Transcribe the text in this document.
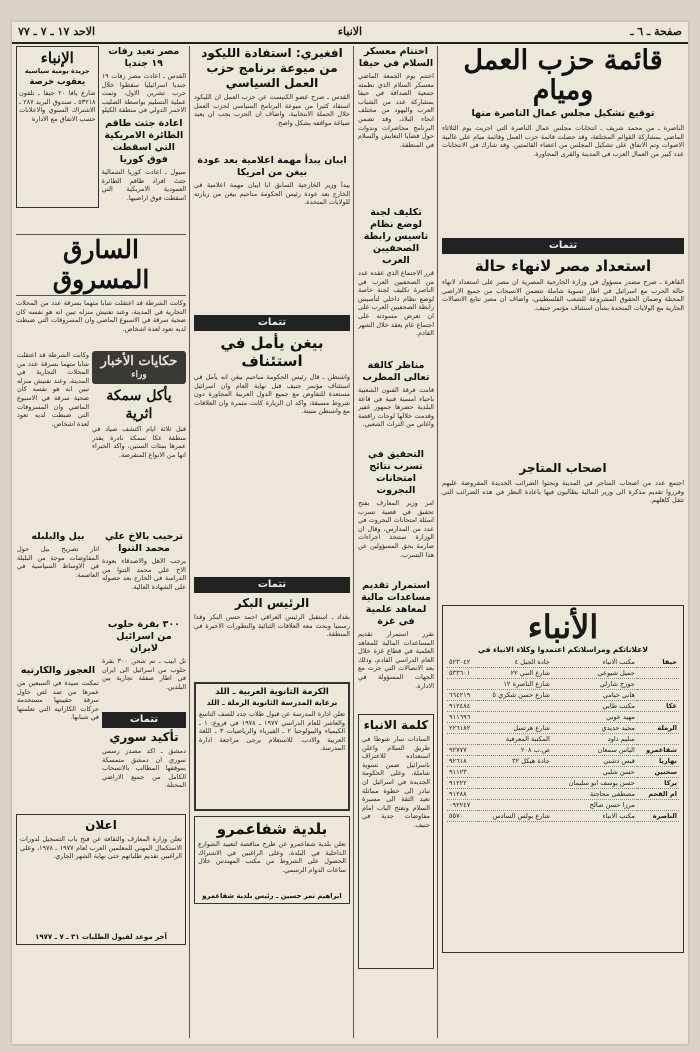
صفحة ـ ٦ ـ
الانباء
الاحد ١٧ ـ ٧ ـ ٧٧
قائمة حزب العمل وميام
توقيع تشكيل مجلس عمال الناصرة منها
الناصرة ـ من محمد شريف ـ انتخابات مجلس عمال الناصرة التي اجريت يوم الثلاثاء الماضي بمشاركة القوائم المختلفة، وقد حصلت قائمة حزب العمل وقائمة ميام على غالبية الاصوات وتم الاتفاق على تشكيل المجلس من اعضاء القائمتين. وقد شارك في الانتخابات عدد كبير من العمال العرب في المدينة والقرى المجاورة.
تتمات
استعداد مصر لانهاء حالة
القاهرة ـ صرح مصدر مسؤول في وزارة الخارجية المصرية ان مصر على استعداد لانهاء حالة الحرب مع اسرائيل في اطار تسوية شاملة تتضمن الانسحاب من جميع الاراضي المحتلة وضمان الحقوق المشروعة للشعب الفلسطيني، واضاف ان مصر تتابع الاتصالات الجارية مع الولايات المتحدة بشأن استئناف مؤتمر جنيف.
اصحاب المتاجر
اجتمع عدد من اصحاب المتاجر في المدينة وبحثوا الضرائب الجديدة المفروضة عليهم وقرروا تقديم مذكرة الى وزير المالية يطالبون فيها باعادة النظر في هذه الضرائب التي تثقل كاهلهم.
الأنباء
لاعلاناتكم ومراسلاتكم اعتمدوا وكلاء الانباء في
حيفا	مكتب الانباء	جادة الجبل ٤	٥٢٣٠٤٢
	جميل شيوعي	شارع النبي ٢٢	٥٣٣٦٠١
	جورج شارلي	شارع الناصرة ١٢	
	هاني خيامي	شارع حسن شكري ٥	٦٦٤٢١٩
عكا	مكتب طابي		٩١٢٤٨٤
	مهيد عوني		٩١١٦٩٦
الرملة	مجيد حديدي	شارع هرتسل	٢٢٦١٨٢
	سليم داود	المكتبة المعرفية	
شفاعمرو	الياس سمعان	ص.ب ٢٠٨	٩٢٧٧٧
نهاريا	قيس دشتي	جادة هيكل ٣٢	٩٢٦١٨
سخنين	حسن شلبي		٩١١٢٣
بركا	حسن يوسف ابو سليمان		٩١٢٢٢
ام الفحم	مصطفى محاجنة		٩١٢٨٨
	مرزا حسن صالح		٠٩٢٢٤٧
الناصرة	مكتب الانباء	شارع بولس السادس	٥٥٧٠
اختتام معسكر السلام في حيفا
اختتم يوم الجمعة الماضي معسكر السلام الذي نظمته جمعية الصداقة في حيفا بمشاركة عدد من الشباب العرب واليهود من مختلف انحاء البلاد، وقد تضمن البرنامج محاضرات وندوات حول قضايا التعايش والسلام في المنطقة.
تكليف لجنة لوضع نظام تاسيس رابطة الصحفيين العرب
قرر الاجتماع الذي عقده عدد من الصحفيين العرب في الناصرة تكليف لجنة خاصة لوضع نظام داخلي لتأسيس رابطة الصحفيين العرب على ان تعرض مسودته على اجتماع عام يعقد خلال الشهر القادم.
مناظر كالفة تعالى المطرب
قامت فرقة الفنون الشعبية باحياء امسية فنية في قاعة البلدية حضرها جمهور غفير وقدمت خلالها لوحات راقصة واغاني من التراث الشعبي.
التحقيق في تسرب نتائج امتحانات البجروت
امر وزير المعارف بفتح تحقيق في قضية تسرب اسئلة امتحانات البجروت في عدد من المدارس، وقال ان الوزارة ستتخذ اجراءات صارمة بحق المسؤولين عن هذا التسرب.
استمرار تقديم مساعدات مالية لمعاهد علمية في غزة
تقرر استمرار تقديم المساعدات المالية للمعاهد العلمية في قطاع غزة خلال العام الدراسي القادم، وذلك بعد الاتصالات التي جرت مع الجهات المسؤولة في الادارة.
كلمة الانباء
السادات سار شوطا في طريق السلام واعلن استعداده للاعتراف باسرائيل ضمن تسوية شاملة، وعلى الحكومة الجديدة في اسرائيل ان تبادر الى خطوة مماثلة تعيد الثقة الى مسيرة السلام وتفتح الباب امام مفاوضات جدية في جنيف.
افغيري: استفادة الليكود من ميوعة برنامج حزب العمل السياسي
القدس ـ صرح عضو الكنيست عن حزب العمل ان الليكود استفاد كثيرا من ميوعة البرنامج السياسي لحزب العمل خلال الحملة الانتخابية، واضاف ان الحزب يجب ان يعيد صياغة مواقفه بشكل واضح.
ايبان يبدأ مهمة اعلامية بعد عودة بيغن من امريكا
يبدأ وزير الخارجية السابق ابا ايبان مهمة اعلامية في الخارج بعد عودة رئيس الحكومة مناحيم بيغن من زيارته للولايات المتحدة.
تتمات
بيغن يأمل في استئناف
واشنطن ـ قال رئيس الحكومة مناحيم بيغن انه يأمل في استئناف مؤتمر جنيف قبل نهاية العام وان اسرائيل مستعدة للتفاوض مع جميع الدول العربية المجاورة دون شروط مسبقة، واكد ان الزيارة كانت مثمرة وان العلاقات مع واشنطن متينة.
تتمات
الرئيس البكر
بغداد ـ استقبل الرئيس العراقي احمد حسن البكر وفدا رسميا وبحث معه العلاقات الثنائية والتطورات الاخيرة في المنطقة.
الكرمة الثانوية العربية ـ اللد
برعاية المدرسة الثانوية الرملة ـ اللد
تعلن ادارة المدرسة عن قبول طلاب جدد للصف التاسع والعاشر للعام الدراسي ١٩٧٧ ـ ١٩٧٨ في فروع: ١ ـ الكيمياء والبيولوجيا ٢ ـ الفيزياء والرياضيات ٣ ـ اللغة العربية والادب. للاستعلام يرجى مراجعة ادارة المدرسة.
بلدية شفاعمرو
تعلن بلدية شفاعمرو عن طرح مناقصة لتعبيد الشوارع الداخلية في البلدة، وعلى الراغبين في الاشتراك الحصول على الشروط من مكتب المهندس خلال ساعات الدوام الرسمي.
ابراهيم نمر حسين ـ رئيس بلدية شفاعمرو
مصر تعيد رفات ١٩ جنديا
القدس ـ اعادت مصر رفات ١٩ جنديا اسرائيليا سقطوا خلال حرب تشرين الاول، وتمت عملية التسليم بواسطة الصليب الاحمر الدولي في منطقة الكيلو
اعادة جثث طاقم الطائرة الامريكية التي اسقطت فوق كوريا
سيول ـ اعادت كوريا الشمالية جثث افراد طاقم الطائرة العمودية الامريكية التي اسقطت فوق اراضيها.
الإنباء
جريدة يومية سياسية
يعقوب خرصة
شارع يافا ٢٠ حيفا ـ تلفون ٥٣٢١٨ ـ صندوق البريد ٢٨٧ ـ الاشتراك السنوي والاعلانات حسب الاتفاق مع الادارة
السارق المسروق
وكانت الشرطة قد اعتقلت شابا متهما بسرقة عدد من المحلات التجارية في المدينة، وعند تفتيش منزله تبين انه هو نفسه كان ضحية سرقة في الاسبوع الماضي وان المسروقات التي ضبطت لديه تعود لعدة اشخاص.
حكايات الأخبار
وراء
يأكل سمكة اثرية
قبل ثلاثة ايام اكتشف صياد في منطقة عكا سمكة نادرة يقدر عمرها بمئات السنين، واكد الخبراء انها من الانواع المنقرضة.
وكانت الشرطة قد اعتقلت شابا متهما بسرقة عدد من المحلات التجارية في المدينة، وعند تفتيش منزله تبين انه هو نفسه كان ضحية سرقة في الاسبوع الماضي وان المسروقات التي ضبطت لديه تعود لعدة اشخاص.
ترحيب بالاخ علي محمد التنوا
يرحب الاهل والاصدقاء بعودة الاخ علي محمد التنوا من الدراسة في الخارج بعد حصوله على الشهادة العالية.
٣٠٠ بقرة حلوب من اسرائيل لايران
تل ابيب ـ تم شحن ٣٠٠ بقرة حلوب من اسرائيل الى ايران في اطار صفقة تجارية بين البلدين.
تتمات
تأكيد سوري
دمشق ـ اكد مصدر رسمي سوري ان دمشق متمسكة بموقفها المطالب بالانسحاب الكامل من جميع الاراضي المحتلة.
بيل والبلبله
اثار تصريح بيل حول المفاوضات موجة من البلبلة في الاوساط السياسية في العاصمة.
العجوز والكارتيه
تمكنت سيدة في السبعين من عمرها من صد لص حاول سرقة حقيبتها مستخدمة حركات الكاراتيه التي تعلمتها في شبابها.
اعلان
تعلن وزارة المعارف والثقافة عن فتح باب التسجيل لدورات الاستكمال المهني للمعلمين العرب لعام ١٩٧٧ ـ ١٩٧٨، وعلى الراغبين تقديم طلباتهم حتى نهاية الشهر الجاري.
آخر موعد لقبول الطلبات ٣١ ـ ٧ ـ ١٩٧٧
